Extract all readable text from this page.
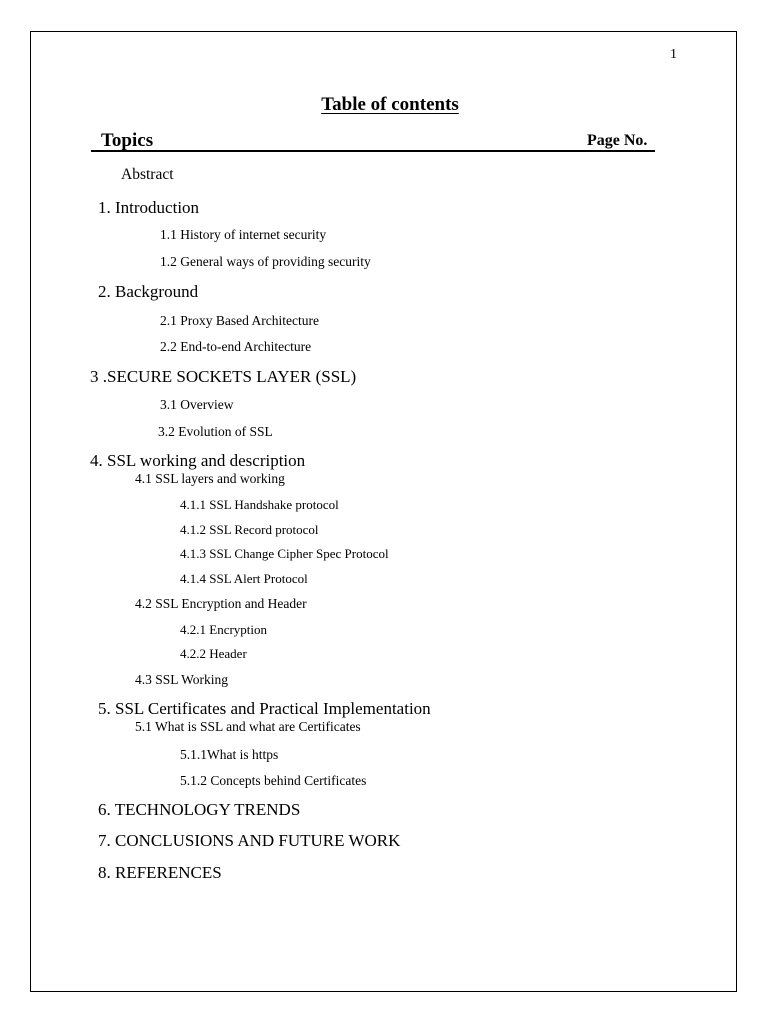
1
Table of contents
Topics	Page No.
Abstract
1. Introduction
1.1 History of internet security
1.2 General ways of providing security
2. Background
2.1 Proxy Based Architecture
2.2 End-to-end Architecture
3 .SECURE SOCKETS LAYER (SSL)
3.1 Overview
3.2 Evolution of SSL
4. SSL working and description
4.1 SSL layers and working
4.1.1 SSL Handshake protocol
4.1.2 SSL Record protocol
4.1.3 SSL Change Cipher Spec Protocol
4.1.4 SSL Alert Protocol
4.2 SSL Encryption and Header
4.2.1 Encryption
4.2.2 Header
4.3 SSL Working
5. SSL Certificates and Practical Implementation
5.1 What is SSL and what are Certificates
5.1.1What is https
5.1.2 Concepts behind Certificates
6. TECHNOLOGY TRENDS
7. CONCLUSIONS AND FUTURE WORK
8. REFERENCES
